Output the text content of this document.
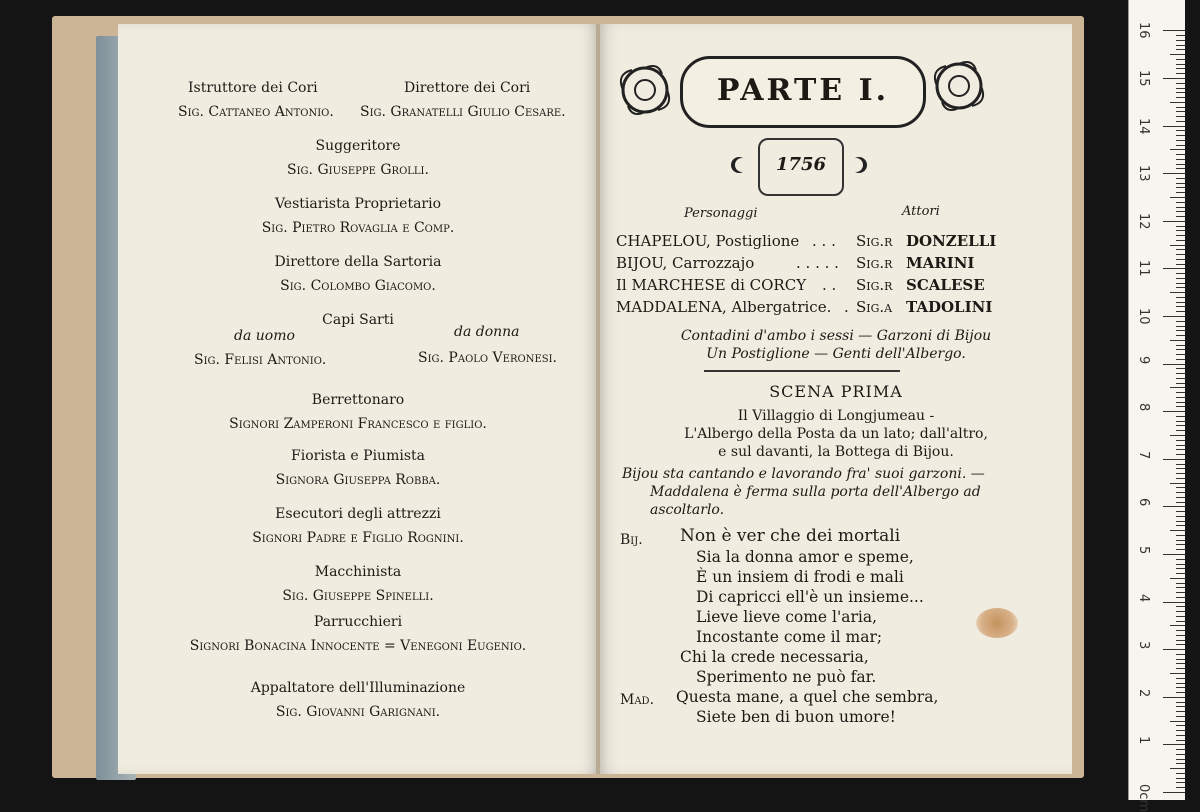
Istruttore dei Cori
Sig. Cattaneo Antonio.
Direttore dei Cori
Sig. Granatelli Giulio Cesare.
Suggeritore
Sig. Giuseppe Grolli.
Vestiarista Proprietario
Sig. Pietro Rovaglia e Comp.
Direttore della Sartoria
Sig. Colombo Giacomo.
Capi Sarti
da uomo	da donna
Sig. Felisi Antonio.	Sig. Paolo Veronesi.
Berrettonaro
Signori Zamperoni Francesco e figlio.
Fiorista e Piumista
Signora Giuseppa Robba.
Esecutori degli attrezzi
Signori Padre e Figlio Rognini.
Macchinista
Sig. Giuseppe Spinelli.
Parrucchieri
Signori Bonacina Innocente = Venegoni Eugenio.
Appaltatore dell'Illuminazione
Sig. Giovanni Garignani.
PARTE I.
1756
Personaggi	Attori
CHAPELOU, Postiglione . . . Sig.r DONZELLI
BIJOU, Carrozzajo	. . . . . Sig.r MARINI
Il MARCHESE di CORCY . . Sig.r SCALESE
MADDALENA, Albergatrice. . Sig.a TADOLINI
Contadini d'ambo i sessi — Garzoni di Bijou
Un Postiglione — Genti dell'Albergo.
SCENA PRIMA
Il Villaggio di Longjumeau -
L'Albergo della Posta da un lato; dall'altro,
e sul davanti, la Bottega di Bijou.
Bijou sta cantando e lavorando fra' suoi garzoni. —
Maddalena è ferma sulla porta dell'Albergo ad
ascoltarlo.
Bij. Non è ver che dei mortali
Sia la donna amor e speme,
È un insiem di frodi e mali
Di capricci ell'è un insieme...
Lieve lieve come l'aria,
Incostante come il mar;
Chi la crede necessaria,
Sperimento ne può far.
Mad. Questa mane, a quel che sembra,
Siete ben di buon umore!
0cm
1
2
3
4
5
6
7
8
9
10
11
12
13
14
15
16
